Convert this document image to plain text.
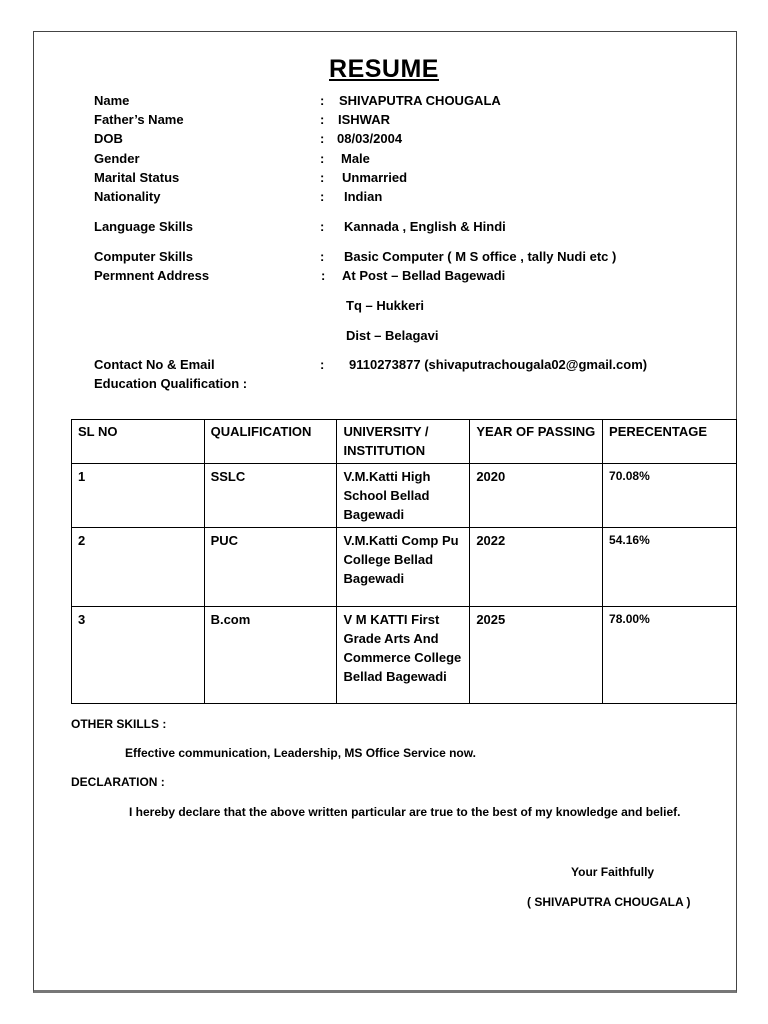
RESUME
Name	: SHIVAPUTRA CHOUGALA
Father’s Name	: ISHWAR
DOB	: 08/03/2004
Gender	: Male
Marital Status	: Unmarried
Nationality	: Indian
Language Skills	: Kannada , English & Hindi
Computer Skills	: Basic Computer ( M S office , tally Nudi etc )
Permnent Address	: At Post – Bellad Bagewadi
Tq – Hukkeri
Dist – Belagavi
Contact No & Email	: 9110273877 (shivaputrachougala02@gmail.com)
Education Qualification :
SL NO	QUALIFICATION	UNIVERSITY / INSTITUTION	YEAR OF PASSING	PERECENTAGE
1	SSLC	V.M.Katti High School Bellad Bagewadi	2020	70.08%
2	PUC	V.M.Katti Comp Pu College Bellad Bagewadi	2022	54.16%
3	B.com	V M KATTI First Grade Arts And Commerce College Bellad Bagewadi	2025	78.00%
OTHER SKILLS :
Effective communication, Leadership, MS Office Service now.
DECLARATION :
I hereby declare that the above written particular are true to the best of my knowledge and belief.
Your Faithfully
( SHIVAPUTRA CHOUGALA )
